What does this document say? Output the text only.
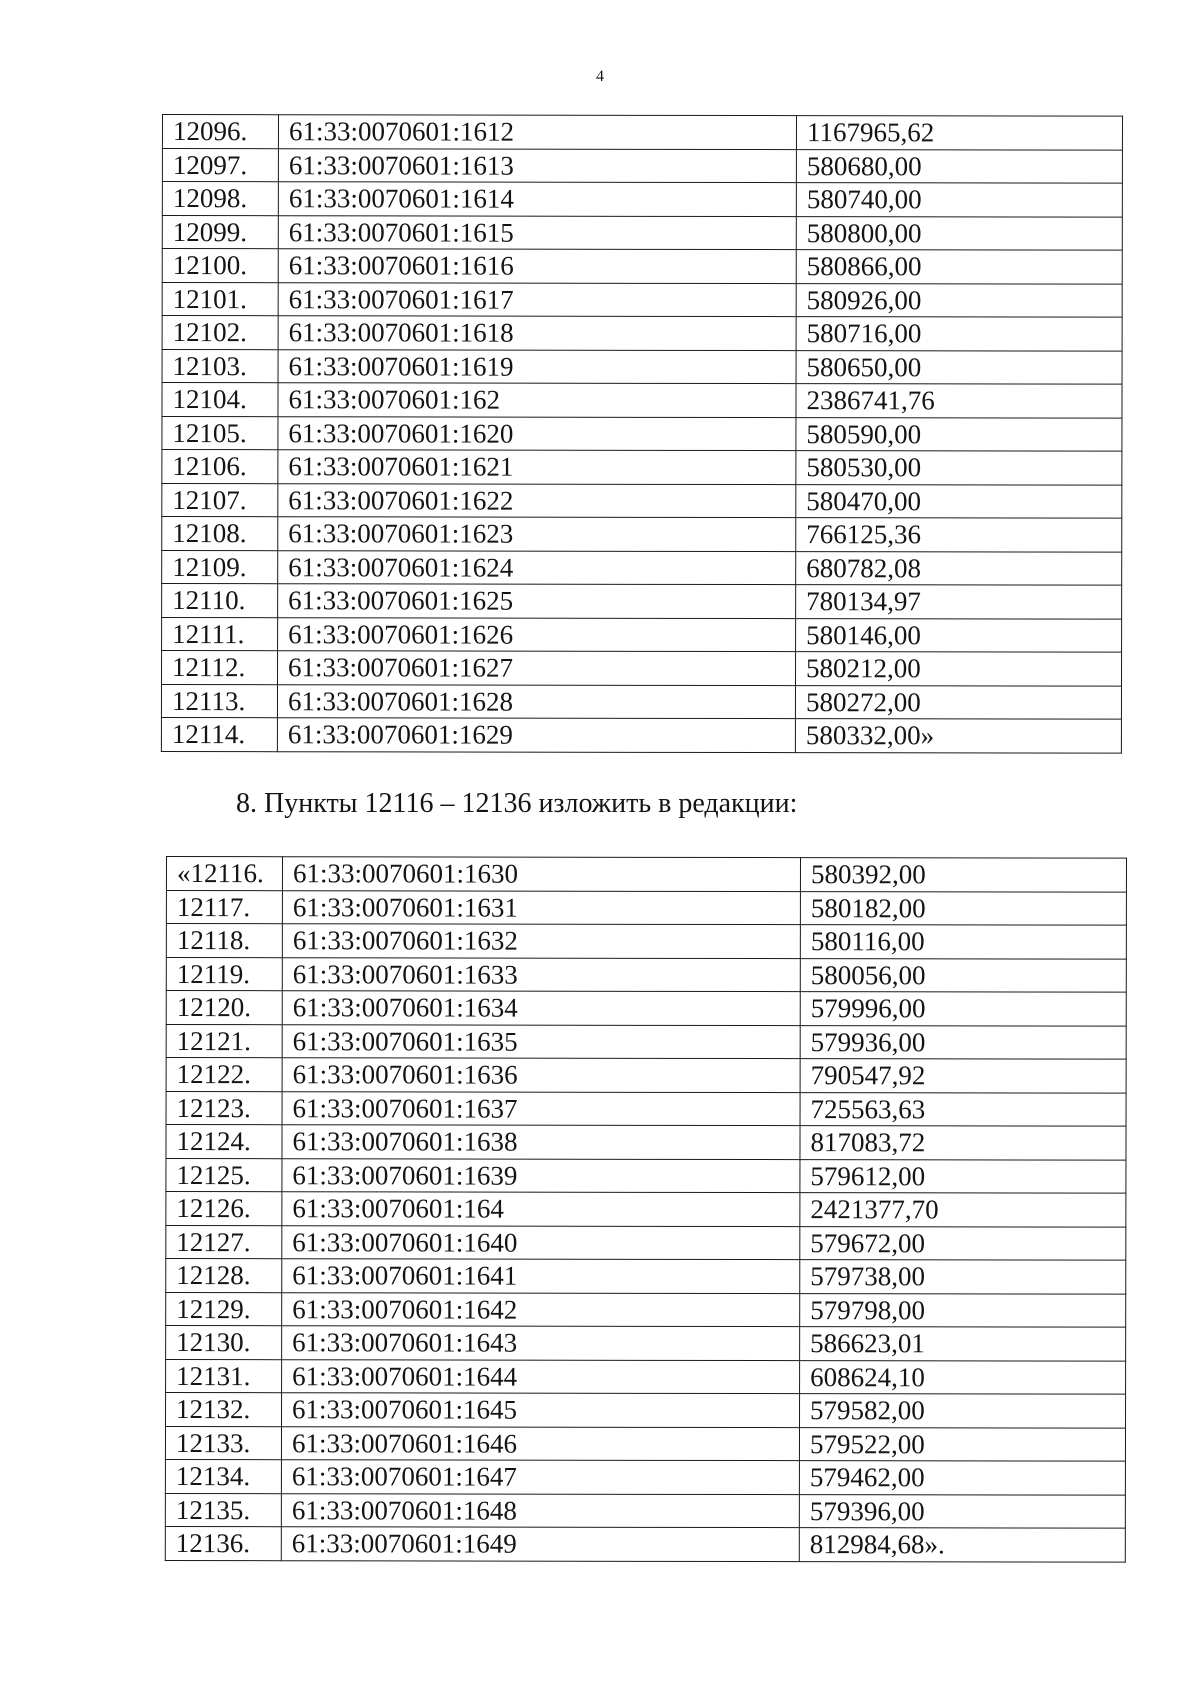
4
12096.	61:33:0070601:1612	1167965,62
12097.	61:33:0070601:1613	580680,00
12098.	61:33:0070601:1614	580740,00
12099.	61:33:0070601:1615	580800,00
12100.	61:33:0070601:1616	580866,00
12101.	61:33:0070601:1617	580926,00
12102.	61:33:0070601:1618	580716,00
12103.	61:33:0070601:1619	580650,00
12104.	61:33:0070601:162	2386741,76
12105.	61:33:0070601:1620	580590,00
12106.	61:33:0070601:1621	580530,00
12107.	61:33:0070601:1622	580470,00
12108.	61:33:0070601:1623	766125,36
12109.	61:33:0070601:1624	680782,08
12110.	61:33:0070601:1625	780134,97
12111.	61:33:0070601:1626	580146,00
12112.	61:33:0070601:1627	580212,00
12113.	61:33:0070601:1628	580272,00
12114.	61:33:0070601:1629	580332,00»
8. Пункты 12116 – 12136 изложить в редакции:
«12116.	61:33:0070601:1630	580392,00
12117.	61:33:0070601:1631	580182,00
12118.	61:33:0070601:1632	580116,00
12119.	61:33:0070601:1633	580056,00
12120.	61:33:0070601:1634	579996,00
12121.	61:33:0070601:1635	579936,00
12122.	61:33:0070601:1636	790547,92
12123.	61:33:0070601:1637	725563,63
12124.	61:33:0070601:1638	817083,72
12125.	61:33:0070601:1639	579612,00
12126.	61:33:0070601:164	2421377,70
12127.	61:33:0070601:1640	579672,00
12128.	61:33:0070601:1641	579738,00
12129.	61:33:0070601:1642	579798,00
12130.	61:33:0070601:1643	586623,01
12131.	61:33:0070601:1644	608624,10
12132.	61:33:0070601:1645	579582,00
12133.	61:33:0070601:1646	579522,00
12134.	61:33:0070601:1647	579462,00
12135.	61:33:0070601:1648	579396,00
12136.	61:33:0070601:1649	812984,68».
